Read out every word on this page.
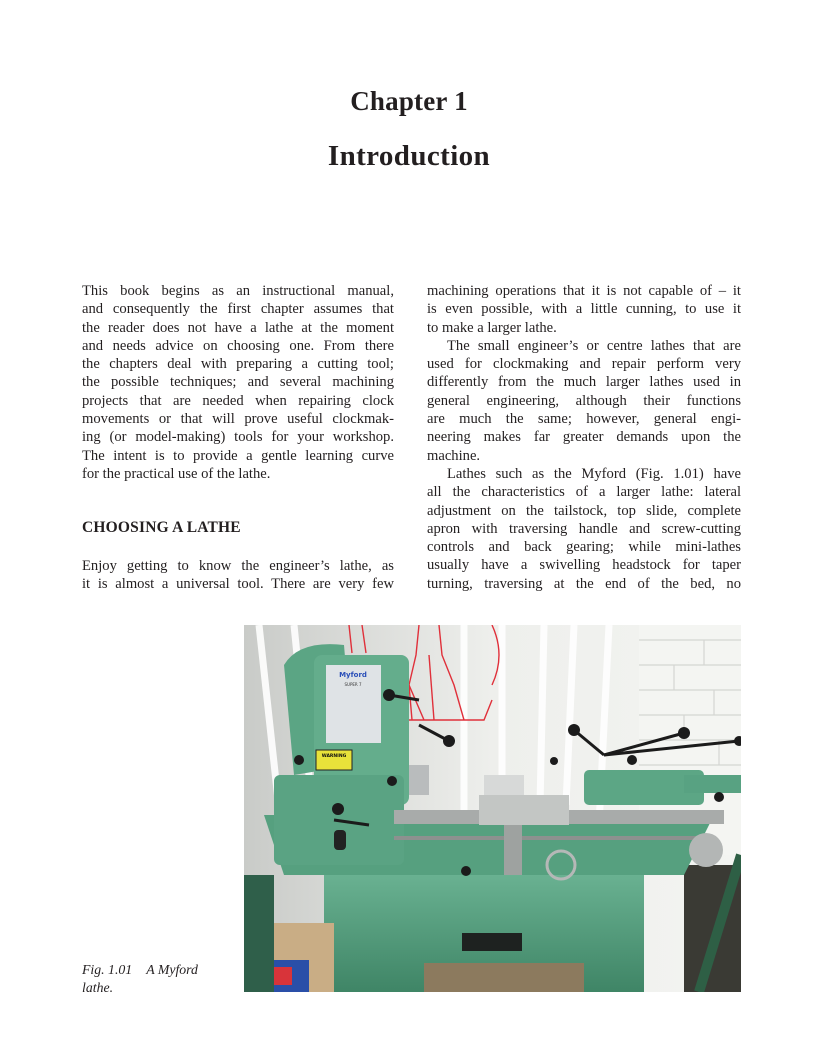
Chapter 1
Introduction

This book begins as an instructional manual,
and consequently the first chapter assumes that
the reader does not have a lathe at the moment
and needs advice on choosing one. From there
the chapters deal with preparing a cutting tool;
the possible techniques; and several machining
projects that are needed when repairing clock
movements or that will prove useful clockmak-
ing (or model-making) tools for your workshop.
The intent is to provide a gentle learning curve
for the practical use of the lathe.

CHOOSING A LATHE

Enjoy getting to know the engineer’s lathe, as
it is almost a universal tool. There are very few

machining operations that it is not capable of – it
is even possible, with a little cunning, to use it
to make a larger lathe.

The small engineer’s or centre lathes that are
used for clockmaking and repair perform very
differently from the much larger lathes used in
general engineering, although their functions
are much the same; however, general engi-
neering makes far greater demands upon the
machine.

Lathes such as the Myford (Fig. 1.01) have
all the characteristics of a larger lathe: lateral
adjustment on the tailstock, top slide, complete
apron with traversing handle and screw-cutting
controls and back gearing; while mini-lathes
usually have a swivelling headstock for taper
turning, traversing at the end of the bed, no

Myford
SUPER 7
WARNING
Fig. 1.01 A Myford lathe.
